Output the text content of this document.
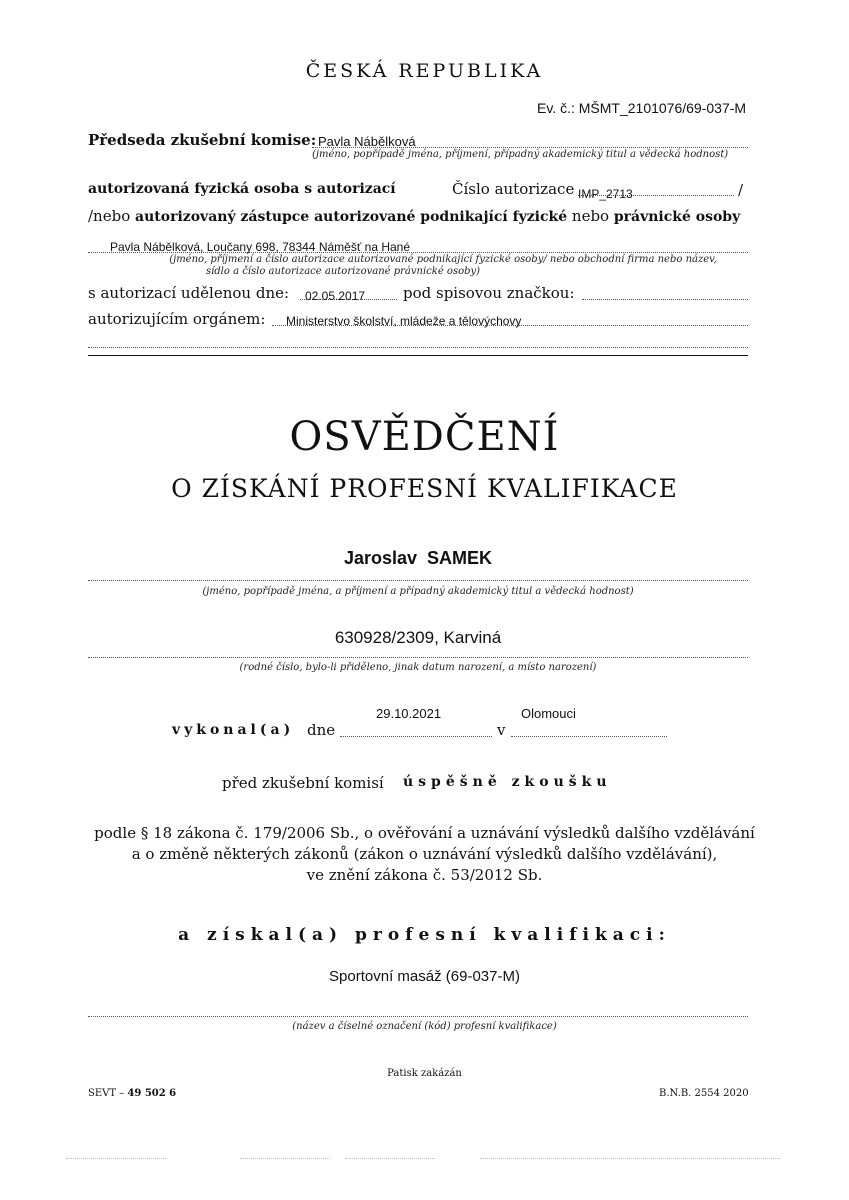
ČESKÁ REPUBLIKA
Ev. č.: MŠMT_2101076/69-037-M
Předseda zkušební komise: Pavla Nábělková
(jméno, popřípadě jména, příjmení, případný akademický titul a vědecká hodnost)
autorizovaná fyzická osoba s autorizací	Číslo autorizace IMP_2713	/
/nebo autorizovaný zástupce autorizované podnikající fyzické nebo právnické osoby
Pavla Nábělková, Loučany 698, 78344 Náměšť na Hané
(jméno, příjmení a číslo autorizace autorizované podnikající fyzické osoby/ nebo obchodní firma nebo název,
sídlo a číslo autorizace autorizované právnické osoby)
s autorizací udělenou dne: 02.05.2017	pod spisovou značkou:
autorizujícím orgánem: Ministerstvo školství, mládeže a tělovýchovy
OSVĚDČENÍ
O ZÍSKÁNÍ PROFESNÍ KVALIFIKACE
Jaroslav  SAMEK
(jméno, popřípadě jména, a příjmení a případný akademický titul a vědecká hodnost)
630928/2309, Karviná
(rodné číslo, bylo-li přiděleno, jinak datum narození, a místo narození)
29.10.2021	Olomouci
vykonal(a) dne	v
před zkušební komisí úspěšně zkoušku
podle § 18 zákona č. 179/2006 Sb., o ověřování a uznávání výsledků dalšího vzdělávání
a o změně některých zákonů (zákon o uznávání výsledků dalšího vzdělávání),
ve znění zákona č. 53/2012 Sb.
a získal(a) profesní kvalifikaci:
Sportovní masáž (69-037-M)
(název a číselné označení (kód) profesní kvalifikace)
Patisk zakázán
SEVT – 49 502 6	B.N.B. 2554 2020
